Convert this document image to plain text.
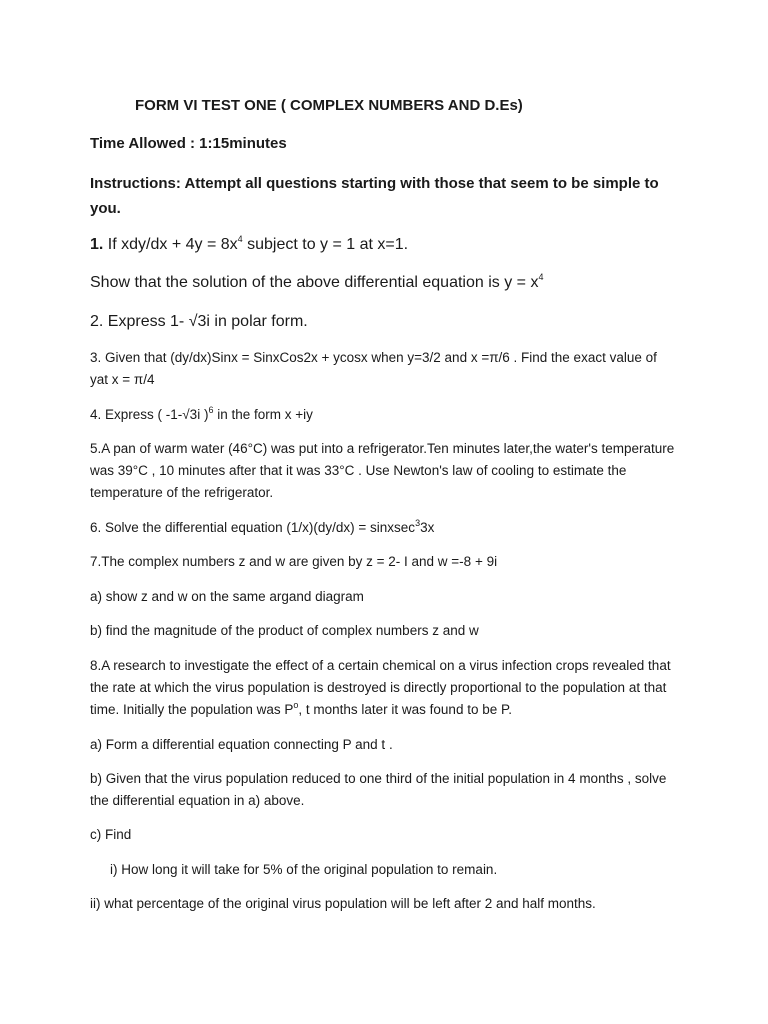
FORM VI TEST ONE ( COMPLEX NUMBERS AND D.Es)
Time Allowed : 1:15minutes
Instructions: Attempt all questions starting with those that seem to be simple to you.
1. If $xdy/dx + 4y = 8x^4$ subject to y = 1 at x=1.
Show that the solution of the above differential equation is $y = x^4$
2. Express 1- √3i in polar form.
3. Given that (dy/dx)Sinx = SinxCos2x + ycosx when y=3/2 and x =π/6 . Find the exact value of yat x = π/4
4. Express ( -1-√3i )$^6$ in the form x +iy
5.A pan of warm water (46°C) was put into a refrigerator.Ten minutes later,the water's temperature was 39°C , 10 minutes after that it was 33°C . Use Newton's law of cooling to estimate the temperature of the refrigerator.
6. Solve the differential equation (1/x)(dy/dx) = sinxsec$^3$3x
7.The complex numbers z and w are given by z = 2- I and w =-8 + 9i
a) show z and w on the same argand diagram
b) find the magnitude of the product of complex numbers z and w
8.A research to investigate the effect of a certain chemical on a virus infection crops revealed that the rate at which the virus population is destroyed is directly proportional to the population at that time. Initially the population was $P^o$, t months later it was found to be P.
a) Form a differential equation connecting P and t .
b) Given that the virus population reduced to one third of the initial population in 4 months , solve the differential equation in a) above.
c) Find
i) How long it will take for 5% of the original population to remain.
ii) what percentage of the original virus population will be left after 2 and half months.
